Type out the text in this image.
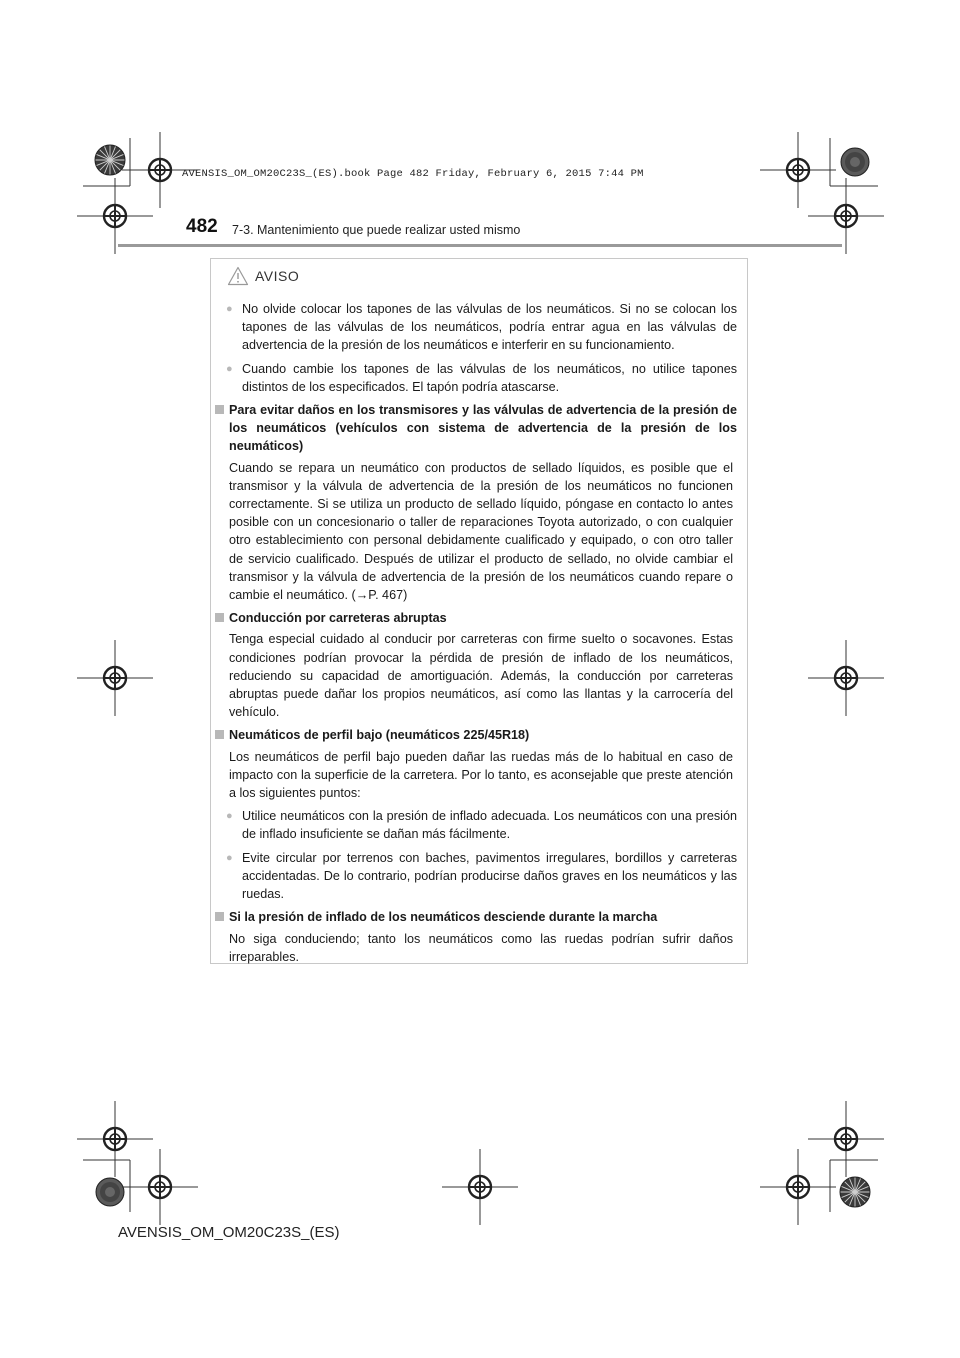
AVENSIS_OM_OM20C23S_(ES).book Page 482 Friday, February 6, 2015 7:44 PM
482 7-3. Mantenimiento que puede realizar usted mismo
AVISO
● No olvide colocar los tapones de las válvulas de los neumáticos. Si no se colocan los tapones de las válvulas de los neumáticos, podría entrar agua en las válvulas de advertencia de la presión de los neumáticos e interferir en su funcionamiento.
● Cuando cambie los tapones de las válvulas de los neumáticos, no utilice tapones distintos de los especificados. El tapón podría atascarse.
Para evitar daños en los transmisores y las válvulas de advertencia de la presión de los neumáticos (vehículos con sistema de advertencia de la presión de los neumáticos)
Cuando se repara un neumático con productos de sellado líquidos, es posible que el transmisor y la válvula de advertencia de la presión de los neumáticos no funcionen correctamente. Si se utiliza un producto de sellado líquido, póngase en contacto lo antes posible con un concesionario o taller de reparaciones Toyota autorizado, o con cualquier otro establecimiento con personal debidamente cualificado y equipado, o con otro taller de servicio cualificado. Después de utilizar el producto de sellado, no olvide cambiar el transmisor y la válvula de advertencia de la presión de los neumáticos cuando repare o cambie el neumático. (→P. 467)
Conducción por carreteras abruptas
Tenga especial cuidado al conducir por carreteras con firme suelto o socavones. Estas condiciones podrían provocar la pérdida de presión de inflado de los neumáticos, reduciendo su capacidad de amortiguación. Además, la conducción por carreteras abruptas puede dañar los propios neumáticos, así como las llantas y la carrocería del vehículo.
Neumáticos de perfil bajo (neumáticos 225/45R18)
Los neumáticos de perfil bajo pueden dañar las ruedas más de lo habitual en caso de impacto con la superficie de la carretera. Por lo tanto, es aconsejable que preste atención a los siguientes puntos:
● Utilice neumáticos con la presión de inflado adecuada. Los neumáticos con una presión de inflado insuficiente se dañan más fácilmente.
● Evite circular por terrenos con baches, pavimentos irregulares, bordillos y carreteras accidentadas. De lo contrario, podrían producirse daños graves en los neumáticos y las ruedas.
Si la presión de inflado de los neumáticos desciende durante la marcha
No siga conduciendo; tanto los neumáticos como las ruedas podrían sufrir daños irreparables.
AVENSIS_OM_OM20C23S_(ES)
